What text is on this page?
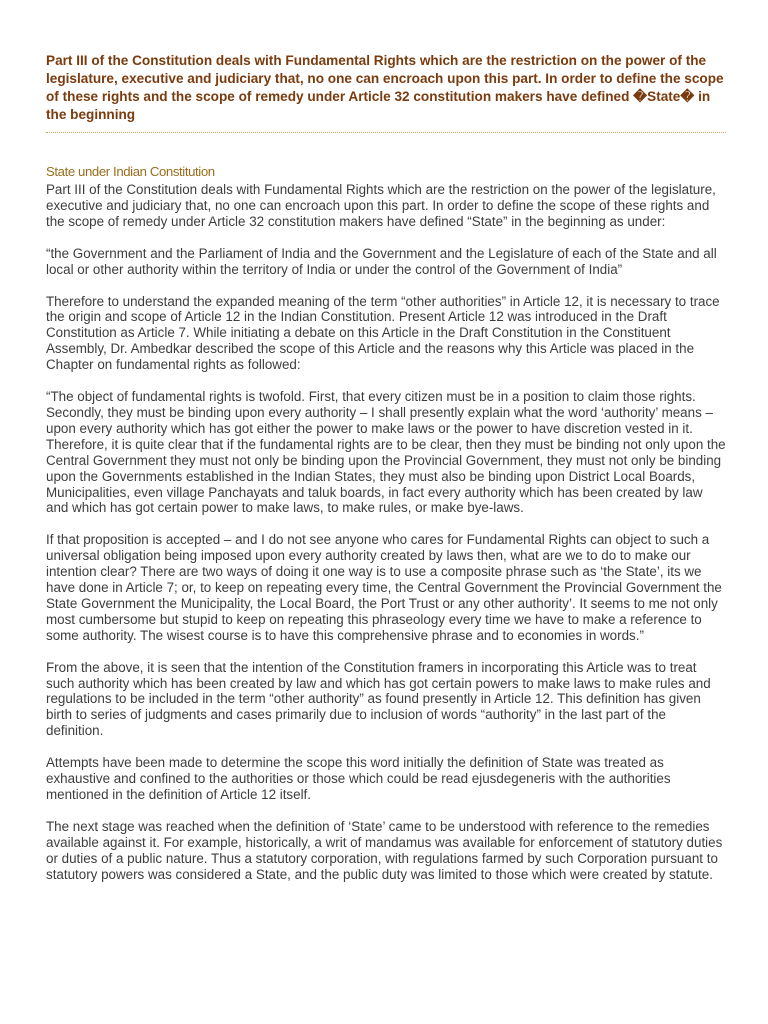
Part III of the Constitution deals with Fundamental Rights which are the restriction on the power of the legislature, executive and judiciary that, no one can encroach upon this part. In order to define the scope of these rights and the scope of remedy under Article 32 constitution makers have defined �State� in the beginning
State under Indian Constitution

Part III of the Constitution deals with Fundamental Rights which are the restriction on the power of the legislature, executive and judiciary that, no one can encroach upon this part. In order to define the scope of these rights and the scope of remedy under Article 32 constitution makers have defined “State” in the beginning as under:

“the Government and the Parliament of India and the Government and the Legislature of each of the State and all local or other authority within the territory of India or under the control of the Government of India”

Therefore to understand the expanded meaning of the term “other authorities” in Article 12, it is necessary to trace the origin and scope of Article 12 in the Indian Constitution. Present Article 12 was introduced in the Draft Constitution as Article 7. While initiating a debate on this Article in the Draft Constitution in the Constituent Assembly, Dr. Ambedkar described the scope of this Article and the reasons why this Article was placed in the Chapter on fundamental rights as followed:

“The object of fundamental rights is twofold. First, that every citizen must be in a position to claim those rights. Secondly, they must be binding upon every authority – I shall presently explain what the word ‘authority’ means – upon every authority which has got either the power to make laws or the power to have discretion vested in it. Therefore, it is quite clear that if the fundamental rights are to be clear, then they must be binding not only upon the Central Government they must not only be binding upon the Provincial Government, they must not only be binding upon the Governments established in the Indian States, they must also be binding upon District Local Boards, Municipalities, even village Panchayats and taluk boards, in fact every authority which has been created by law and which has got certain power to make laws, to make rules, or make bye-laws.

If that proposition is accepted – and I do not see anyone who cares for Fundamental Rights can object to such a universal obligation being imposed upon every authority created by laws then, what are we to do to make our intention clear? There are two ways of doing it one way is to use a composite phrase such as ‘the State’, its we have done in Article 7; or, to keep on repeating every time, the Central Government the Provincial Government the State Government the Municipality, the Local Board, the Port Trust or any other authority’. It seems to me not only most cumbersome but stupid to keep on repeating this phraseology every time we have to make a reference to some authority. The wisest course is to have this comprehensive phrase and to economies in words.”

From the above, it is seen that the intention of the Constitution framers in incorporating this Article was to treat such authority which has been created by law and which has got certain powers to make laws to make rules and regulations to be included in the term “other authority” as found presently in Article 12. This definition has given birth to series of judgments and cases primarily due to inclusion of words “authority” in the last part of the definition.

Attempts have been made to determine the scope this word initially the definition of State was treated as exhaustive and confined to the authorities or those which could be read ejusdegeneris with the authorities mentioned in the definition of Article 12 itself.

The next stage was reached when the definition of ‘State’ came to be understood with reference to the remedies available against it. For example, historically, a writ of mandamus was available for enforcement of statutory duties or duties of a public nature. Thus a statutory corporation, with regulations farmed by such Corporation pursuant to statutory powers was considered a State, and the public duty was limited to those which were created by statute.
